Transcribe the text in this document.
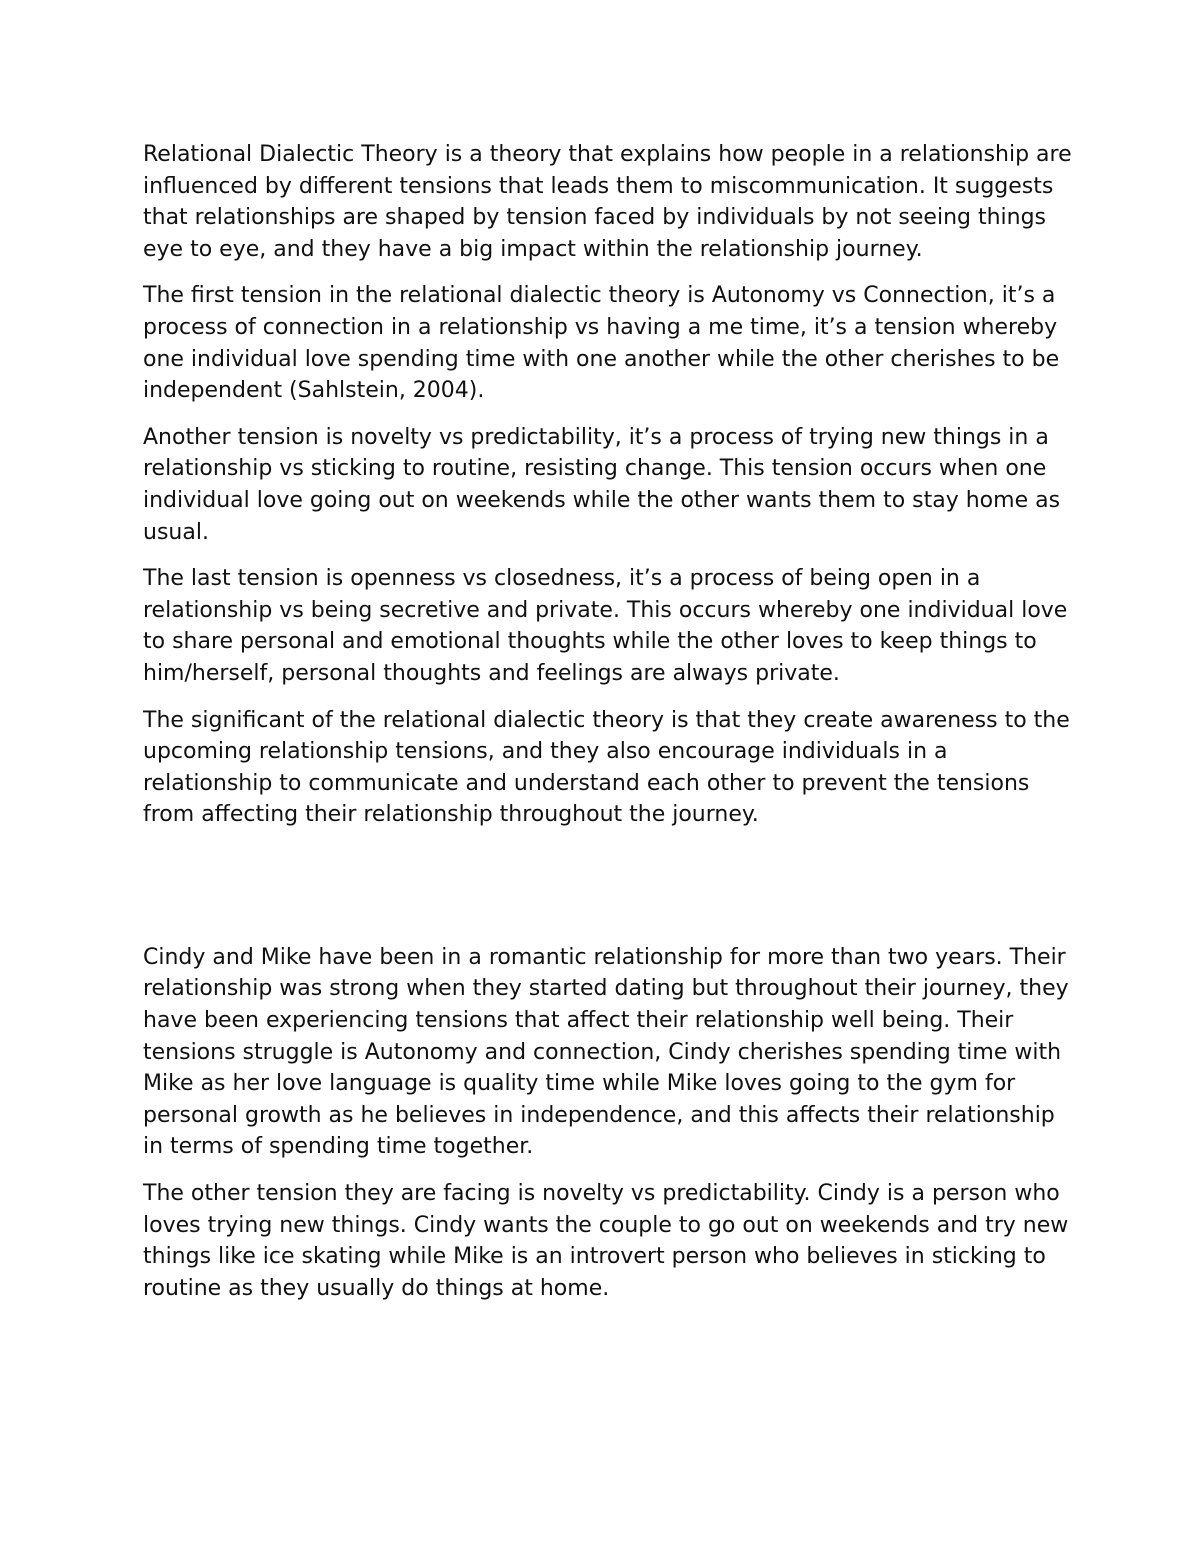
Relational Dialectic Theory is a theory that explains how people in a relationship are influenced by different tensions that leads them to miscommunication. It suggests that relationships are shaped by tension faced by individuals by not seeing things eye to eye, and they have a big impact within the relationship journey.

The first tension in the relational dialectic theory is Autonomy vs Connection, it’s a process of connection in a relationship vs having a me time, it’s a tension whereby one individual love spending time with one another while the other cherishes to be independent (Sahlstein, 2004).

Another tension is novelty vs predictability, it’s a process of trying new things in a relationship vs sticking to routine, resisting change. This tension occurs when one individual love going out on weekends while the other wants them to stay home as usual.

The last tension is openness vs closedness, it’s a process of being open in a relationship vs being secretive and private. This occurs whereby one individual love to share personal and emotional thoughts while the other loves to keep things to him/herself, personal thoughts and feelings are always private.

The significant of the relational dialectic theory is that they create awareness to the upcoming relationship tensions, and they also encourage individuals in a relationship to communicate and understand each other to prevent the tensions from affecting their relationship throughout the journey.

Cindy and Mike have been in a romantic relationship for more than two years. Their relationship was strong when they started dating but throughout their journey, they have been experiencing tensions that affect their relationship well being. Their tensions struggle is Autonomy and connection, Cindy cherishes spending time with Mike as her love language is quality time while Mike loves going to the gym for personal growth as he believes in independence, and this affects their relationship in terms of spending time together.

The other tension they are facing is novelty vs predictability. Cindy is a person who loves trying new things. Cindy wants the couple to go out on weekends and try new things like ice skating while Mike is an introvert person who believes in sticking to routine as they usually do things at home.
